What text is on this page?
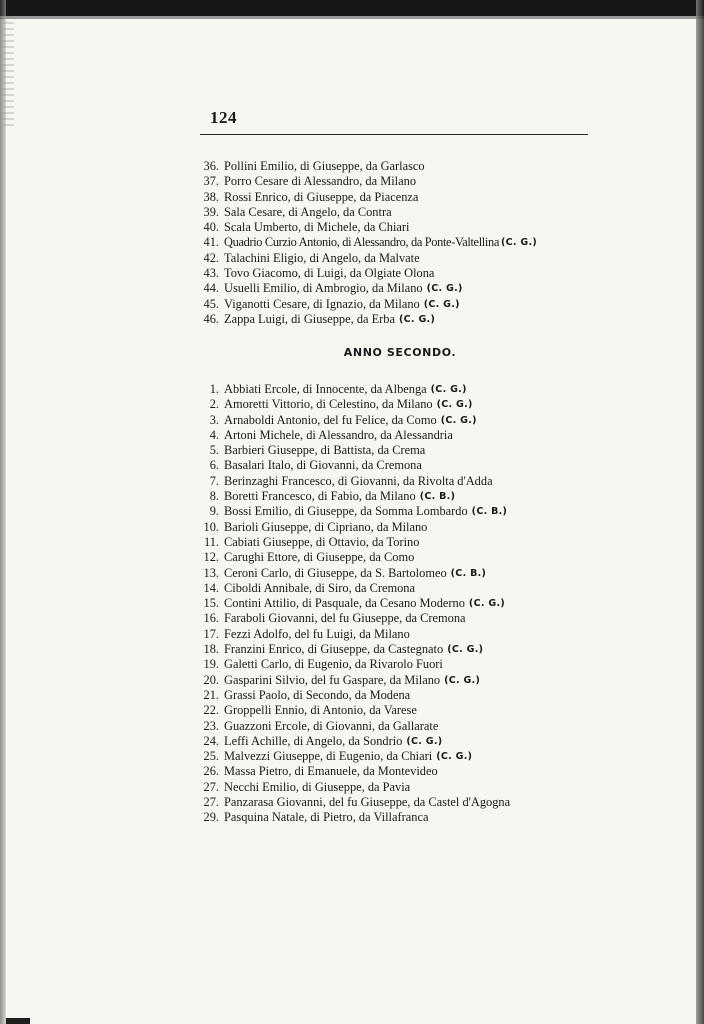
124
36. Pollini Emilio, di Giuseppe, da Garlasco
37. Porro Cesare di Alessandro, da Milano
38. Rossi Enrico, di Giuseppe, da Piacenza
39. Sala Cesare, di Angelo, da Contra
40. Scala Umberto, di Michele, da Chiari
41. Quadrio Curzio Antonio, di Alessandro, da Ponte-Valtellina (C. G.)
42. Talachini Eligio, di Angelo, da Malvate
43. Tovo Giacomo, di Luigi, da Olgiate Olona
44. Usuelli Emilio, di Ambrogio, da Milano (C. G.)
45. Viganotti Cesare, di Ignazio, da Milano (C. G.)
46. Zappa Luigi, di Giuseppe, da Erba (C. G.)
ANNO SECONDO.
1. Abbiati Ercole, di Innocente, da Albenga (C. G.)
2. Amoretti Vittorio, di Celestino, da Milano (C. G.)
3. Arnaboldi Antonio, del fu Felice, da Como (C. G.)
4. Artoni Michele, di Alessandro, da Alessandria
5. Barbieri Giuseppe, di Battista, da Crema
6. Basalari Italo, di Giovanni, da Cremona
7. Berinzaghi Francesco, di Giovanni, da Rivolta d'Adda
8. Boretti Francesco, di Fabio, da Milano (C. B.)
9. Bossi Emilio, di Giuseppe, da Somma Lombardo (C. B.)
10. Barioli Giuseppe, di Cipriano, da Milano
11. Cabiati Giuseppe, di Ottavio, da Torino
12. Carughi Ettore, di Giuseppe, da Como
13. Ceroni Carlo, di Giuseppe, da S. Bartolomeo (C. B.)
14. Ciboldi Annibale, di Siro, da Cremona
15. Contini Attilio, di Pasquale, da Cesano Moderno (C. G.)
16. Faraboli Giovanni, del fu Giuseppe, da Cremona
17. Fezzi Adolfo, del fu Luigi, da Milano
18. Franzini Enrico, di Giuseppe, da Castegnato (C. G.)
19. Galetti Carlo, di Eugenio, da Rivarolo Fuori
20. Gasparini Silvio, del fu Gaspare, da Milano (C. G.)
21. Grassi Paolo, di Secondo, da Modena
22. Groppelli Ennio, di Antonio, da Varese
23. Guazzoni Ercole, di Giovanni, da Gallarate
24. Leffi Achille, di Angelo, da Sondrio (C. G.)
25. Malvezzi Giuseppe, di Eugenio, da Chiari (C. G.)
26. Massa Pietro, di Emanuele, da Montevideo
27. Necchi Emilio, di Giuseppe, da Pavia
27. Panzarasa Giovanni, del fu Giuseppe, da Castel d'Agogna
29. Pasquina Natale, di Pietro, da Villafranca
